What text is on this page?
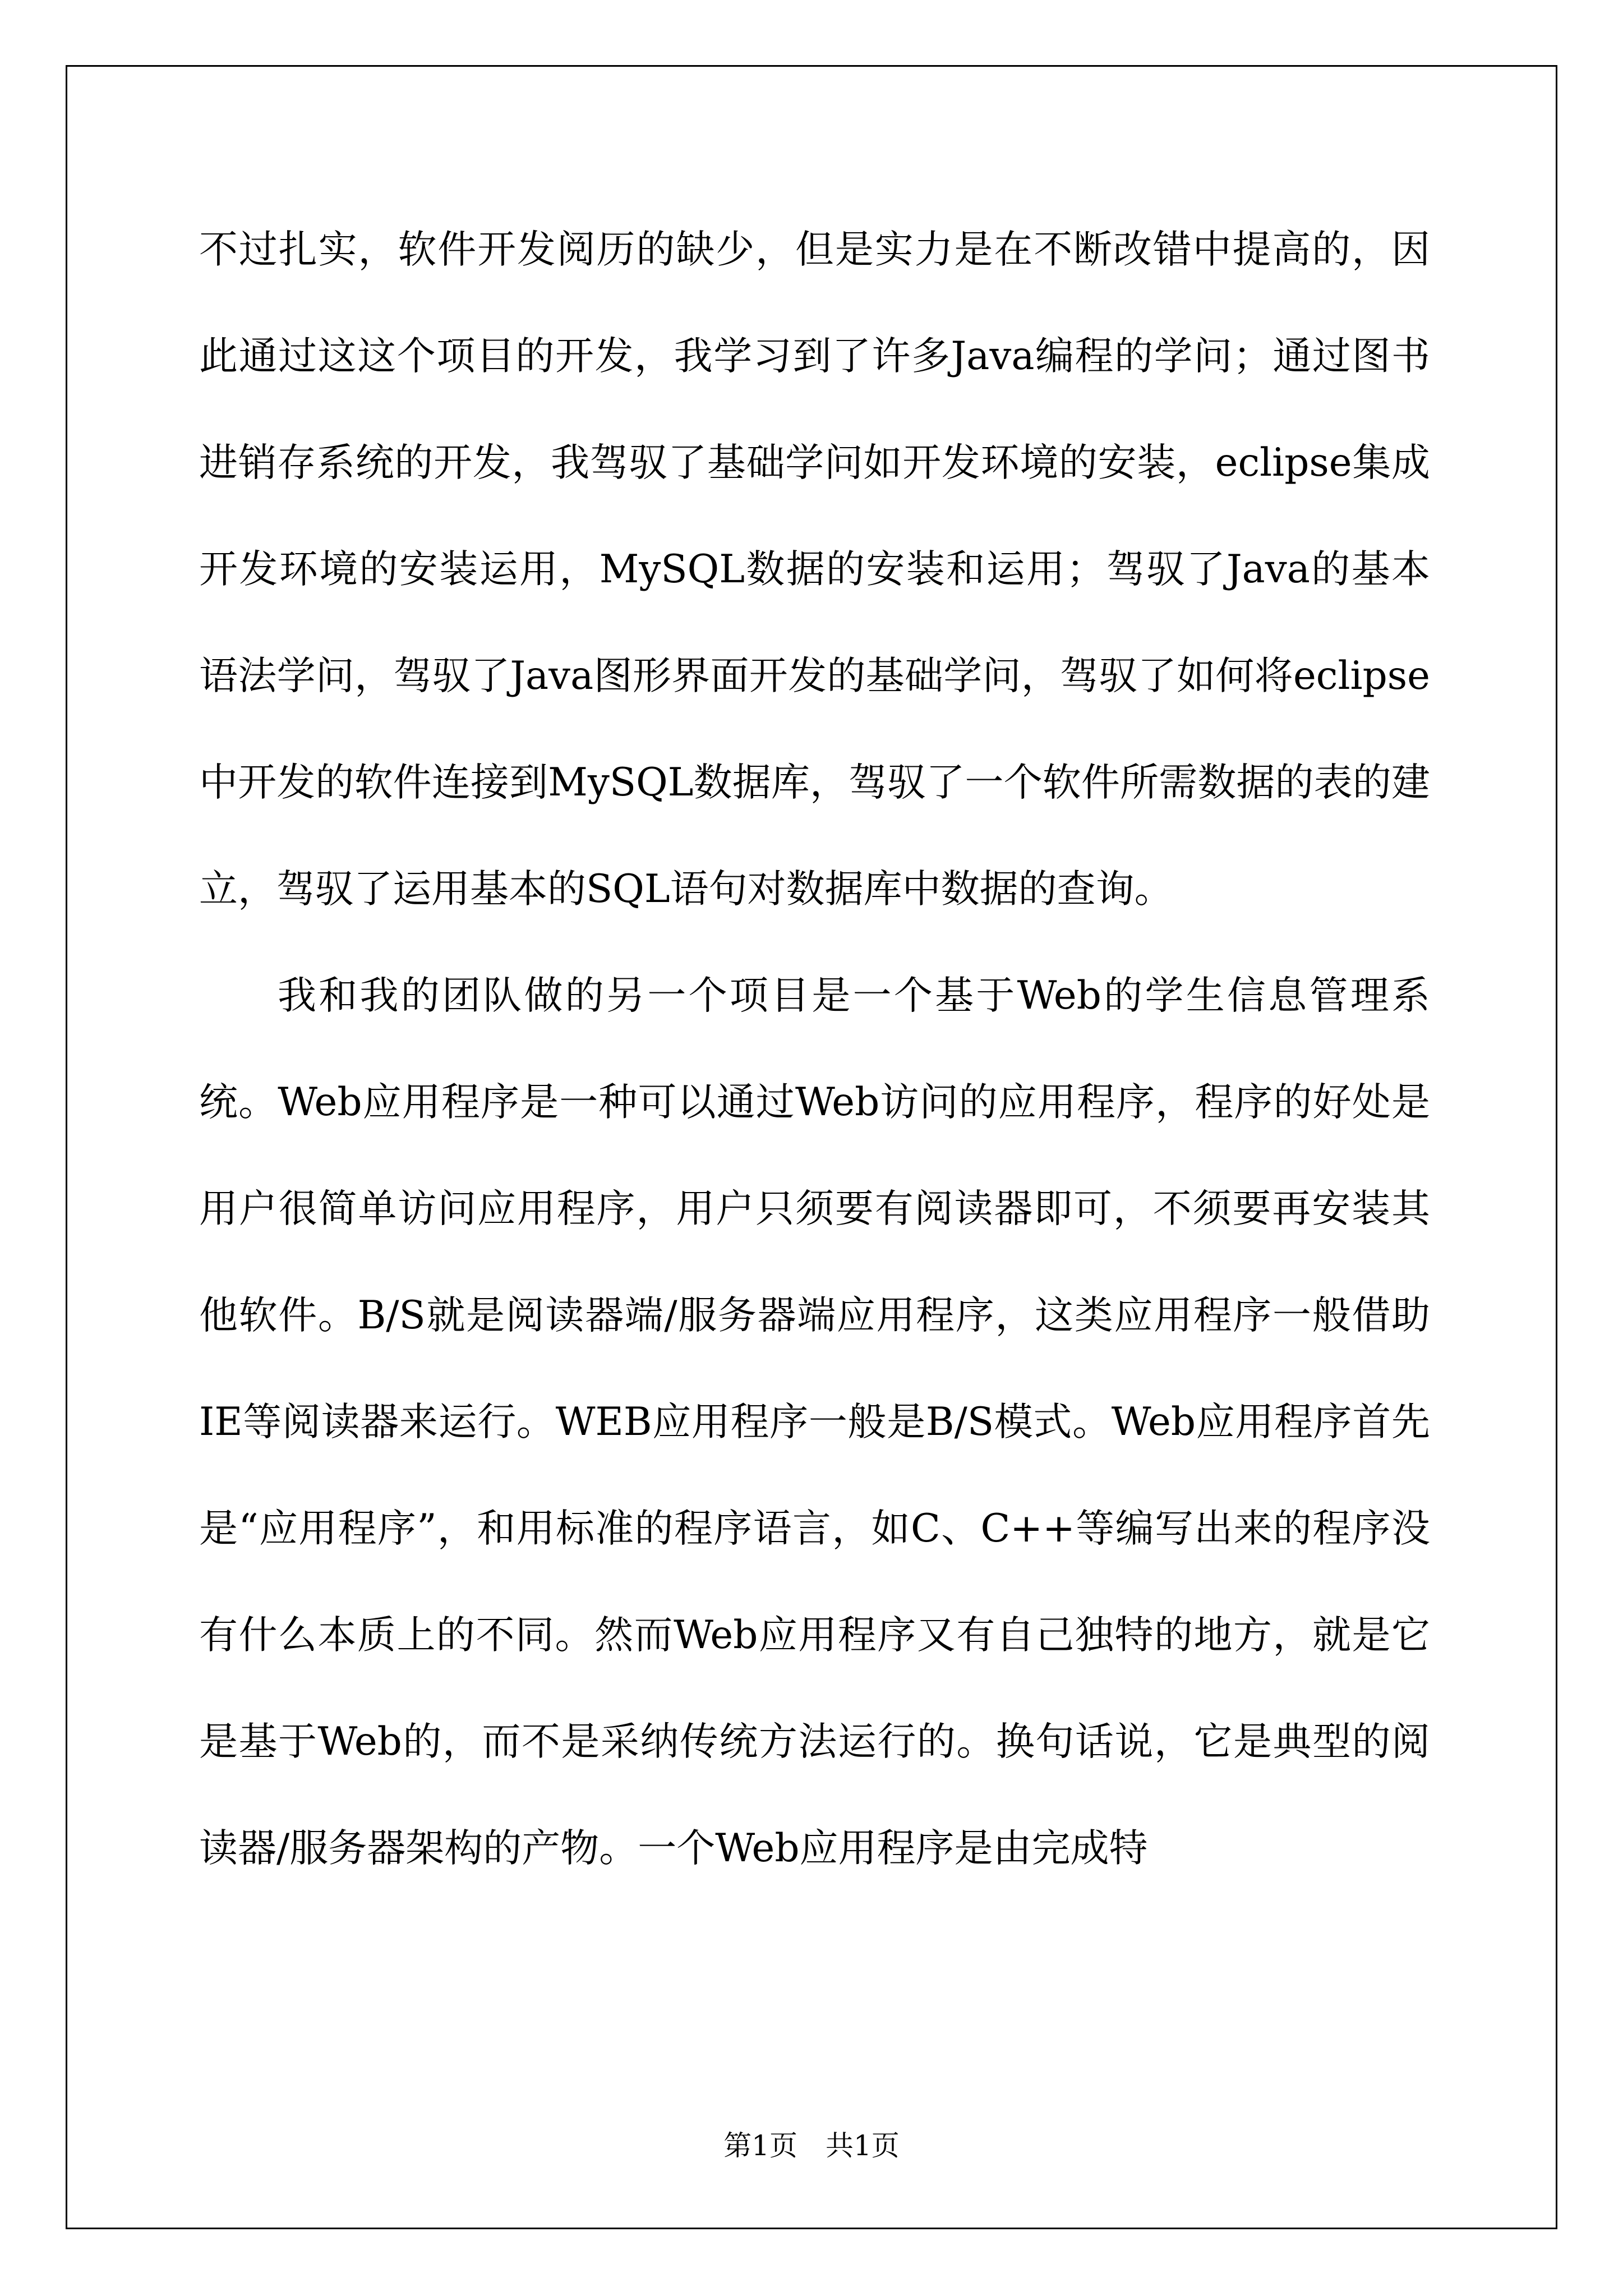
不过扎实，软件开发阅历的缺少，但是实力是在不断改错中提高的，因此通过这这个项目的开发，我学习到了许多Java编程的学问；通过图书进销存系统的开发，我驾驭了基础学问如开发环境的安装，eclipse集成开发环境的安装运用，MySQL数据的安装和运用；驾驭了Java的基本语法学问，驾驭了Java图形界面开发的基础学问，驾驭了如何将eclipse中开发的软件连接到MySQL数据库，驾驭了一个软件所需数据的表的建立，驾驭了运用基本的SQL语句对数据库中数据的查询。

我和我的团队做的另一个项目是一个基于Web的学生信息管理系统。Web应用程序是一种可以通过Web访问的应用程序，程序的好处是用户很简单访问应用程序，用户只须要有阅读器即可，不须要再安装其他软件。B/S就是阅读器端/服务器端应用程序，这类应用程序一般借助IE等阅读器来运行。WEB应用程序一般是B/S模式。Web应用程序首先是“应用程序”，和用标准的程序语言，如C、C++等编写出来的程序没有什么本质上的不同。然而Web应用程序又有自己独特的地方，就是它是基于Web的，而不是采纳传统方法运行的。换句话说，它是典型的阅读器/服务器架构的产物。一个Web应用程序是由完成特

第1页　共1页
